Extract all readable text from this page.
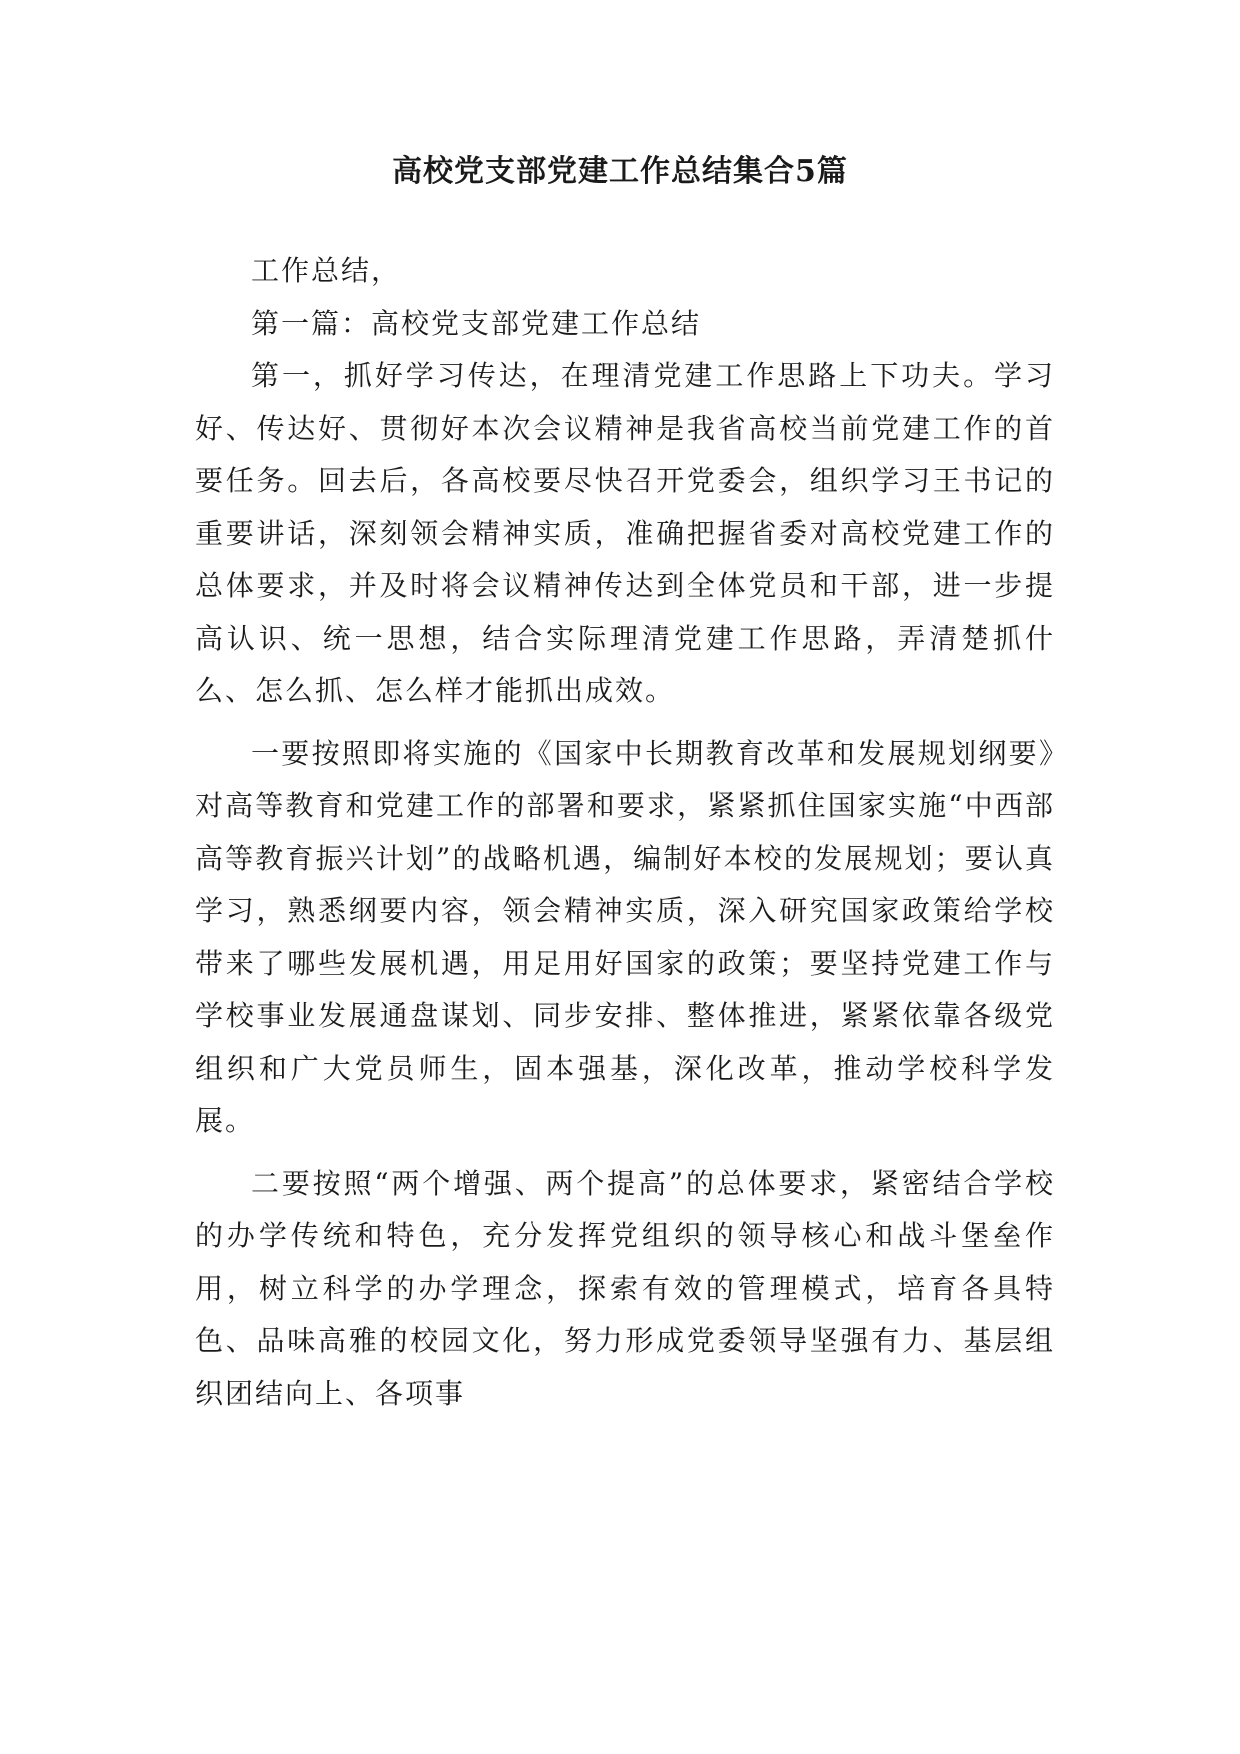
高校党支部党建工作总结集合5篇

工作总结，

第一篇：高校党支部党建工作总结

第一，抓好学习传达，在理清党建工作思路上下功夫。学习好、传达好、贯彻好本次会议精神是我省高校当前党建工作的首要任务。回去后，各高校要尽快召开党委会，组织学习王书记的重要讲话，深刻领会精神实质，准确把握省委对高校党建工作的总体要求，并及时将会议精神传达到全体党员和干部，进一步提高认识、统一思想，结合实际理清党建工作思路，弄清楚抓什么、怎么抓、怎么样才能抓出成效。

一要按照即将实施的《国家中长期教育改革和发展规划纲要》对高等教育和党建工作的部署和要求，紧紧抓住国家实施“中西部高等教育振兴计划”的战略机遇，编制好本校的发展规划；要认真学习，熟悉纲要内容，领会精神实质，深入研究国家政策给学校带来了哪些发展机遇，用足用好国家的政策；要坚持党建工作与学校事业发展通盘谋划、同步安排、整体推进，紧紧依靠各级党组织和广大党员师生，固本强基，深化改革，推动学校科学发展。

二要按照“两个增强、两个提高”的总体要求，紧密结合学校的办学传统和特色，充分发挥党组织的领导核心和战斗堡垒作用，树立科学的办学理念，探索有效的管理模式，培育各具特色、品味高雅的校园文化，努力形成党委领导坚强有力、基层组织团结向上、各项事
